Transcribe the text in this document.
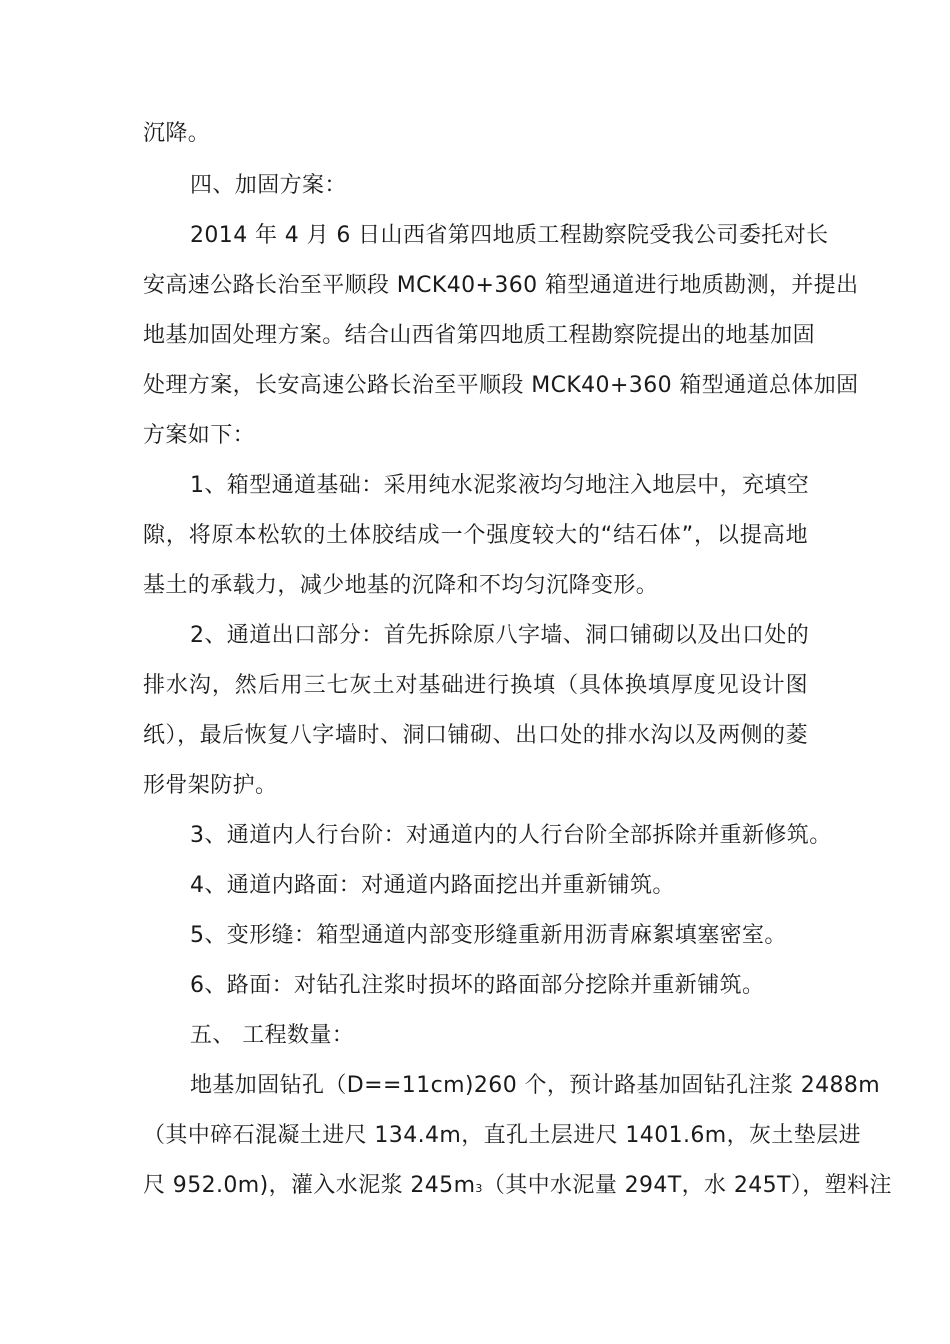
沉降。
四、加固方案：
2014 年 4 月 6 日山西省第四地质工程勘察院受我公司委托对长
安高速公路长治至平顺段 MCK40+360 箱型通道进行地质勘测，并提出
地基加固处理方案。结合山西省第四地质工程勘察院提出的地基加固
处理方案，长安高速公路长治至平顺段 MCK40+360 箱型通道总体加固
方案如下：
1、箱型通道基础：采用纯水泥浆液均匀地注入地层中，充填空
隙，将原本松软的土体胶结成一个强度较大的“结石体”，以提高地
基土的承载力，减少地基的沉降和不均匀沉降变形。
2、通道出口部分：首先拆除原八字墙、洞口铺砌以及出口处的
排水沟，然后用三七灰土对基础进行换填（具体换填厚度见设计图
纸），最后恢复八字墙时、洞口铺砌、出口处的排水沟以及两侧的菱
形骨架防护。
3、通道内人行台阶：对通道内的人行台阶全部拆除并重新修筑。
4、通道内路面：对通道内路面挖出并重新铺筑。
5、变形缝：箱型通道内部变形缝重新用沥青麻絮填塞密室。
6、路面：对钻孔注浆时损坏的路面部分挖除并重新铺筑。
五、 工程数量：
地基加固钻孔（D==11cm)260 个，预计路基加固钻孔注浆 2488m
（其中碎石混凝土进尺 134.4m，直孔土层进尺 1401.6m，灰土垫层进
尺 952.0m)，灌入水泥浆 245m3（其中水泥量 294T，水 245T），塑料注
